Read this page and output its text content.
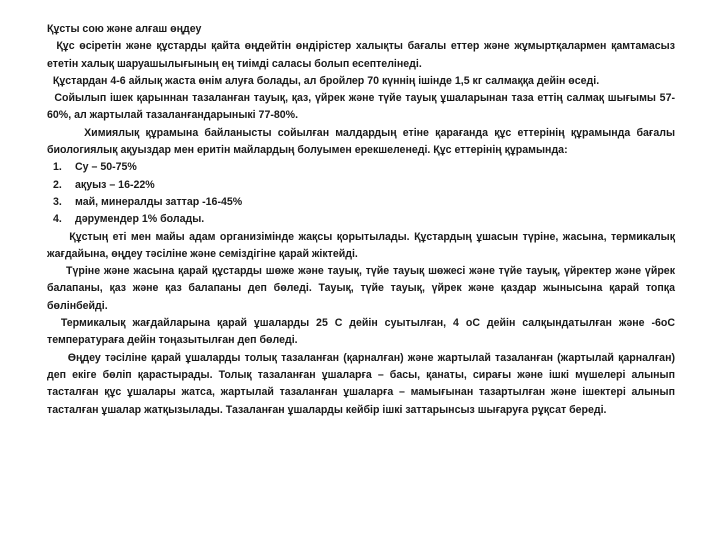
Құсты сою және алғаш өңдеу

Құс өсіретін және құстарды қайта өңдейтін өндірістер халықты бағалы еттер және жұмыртқалармен қамтамасыз ететін халық шаруашылығының ең тиімді саласы болып есептелінеді.

Құстардан 4-6 айлық жаста өнім алуға болады, ал бройлер 70 күннің ішінде 1,5 кг салмаққа дейін өседі.

Сойылып ішек қарыннан тазаланған тауық, қаз, үйрек және түйе тауық ұшаларынан таза еттің салмақ шығымы 57-60%, ал жартылай тазаланғандарыныкі 77-80%.

Химиялық құрамына байланысты сойылған малдардың етіне қарағанда құс еттерінің құрамында бағалы биологиялық ақуыздар мен еритін майлардың болуымен ерекшеленеді. Құс еттерінің құрамында:

1.	Су – 50-75%
2.	ақуыз – 16-22%
3.	май, минералды заттар -16-45%
4.	дәрумендер 1% болады.

Құстың еті мен майы адам организімінде жақсы қорытылады. Құстардың ұшасын түріне, жасына, термикалық жағдайына, өңдеу тәсіліне және семіздігіне қарай жіктейді.

Түріне және жасына қарай құстарды шөже және тауық, түйе тауық шөжесі және түйе тауық, үйректер және үйрек балапаны, қаз және қаз балапаны деп бөледі. Тауық, түйе тауық, үйрек және қаздар жынысына қарай топқа бөлінбейді.

Термикалық жағдайларына қарай ұшаларды 25 С дейін суытылған, 4 оС дейін салқындатылған және -6оС температураға дейін тоңазытылған деп бөледі.

Өңдеу тәсіліне қарай ұшаларды толық тазаланған (қарналған) және жартылай тазаланған (жартылай қарналған) деп екіге бөліп қарастырады. Толық тазаланған ұшаларға – басы, қанаты, сирағы және ішкі мүшелері алынып тасталған құс ұшалары жатса, жартылай тазаланған ұшаларға – мамығынан тазартылған және ішектері алынып тасталған ұшалар жатқызылады. Тазаланған ұшаларды кейбір ішкі заттарынсыз шығаруға рұқсат береді.
